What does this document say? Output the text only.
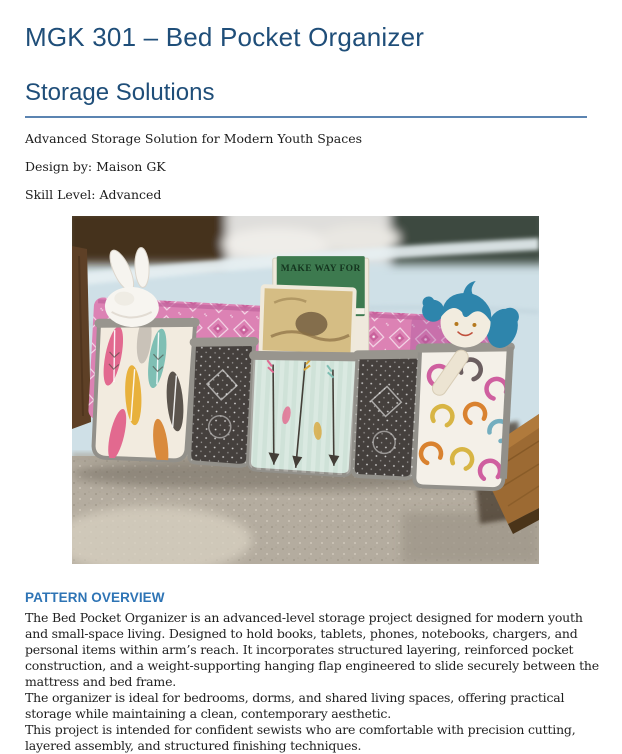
MGK 301 – Bed Pocket Organizer
Storage Solutions

Advanced Storage Solution for Modern Youth Spaces

Design by: Maison GK

Skill Level: Advanced

MAKE WAY FOR
PATTERN OVERVIEW

The Bed Pocket Organizer is an advanced-level storage project designed for modern youth and small-space living. Designed to hold books, tablets, phones, notebooks, chargers, and personal items within arm’s reach. It incorporates structured layering, reinforced pocket construction, and a weight-supporting hanging flap engineered to slide securely between the mattress and bed frame.

The organizer is ideal for bedrooms, dorms, and shared living spaces, offering practical storage while maintaining a clean, contemporary aesthetic.

This project is intended for confident sewists who are comfortable with precision cutting, layered assembly, and structured finishing techniques.
